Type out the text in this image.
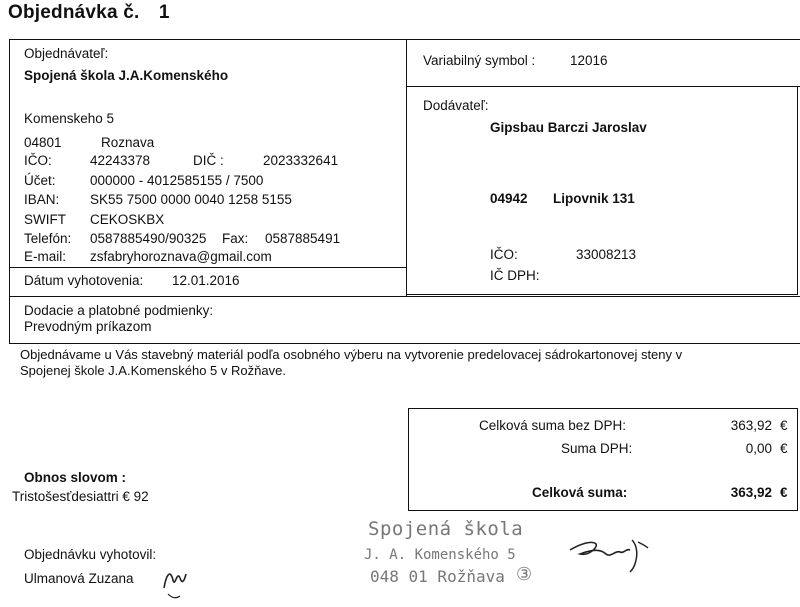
Objednávka č. 1
Objednávateľ:
Spojená škola J.A.Komenského
Komenskeho 5
04801	Roznava
IČO:	42243378	DIČ :	2023332641
Účet:	000000 - 4012585155 / 7500
IBAN: SK55 7500 0000 0040 1258 5155
SWIFT CEKOSKBX
Telefón: 0587885490/90325 Fax: 0587885491
E-mail: zsfabryhoroznava@gmail.com
Dátum vyhotovenia: 12.01.2016
Variabilný symbol :	12016
Dodávateľ:
Gipsbau Barczi Jaroslav
04942 Lipovnik 131
IČO:	33008213
IČ DPH:
Dodacie a platobné podmienky:
Prevodným príkazom
Objednávame u Vás stavebný materiál podľa osobného výberu na vytvorenie predelovacej sádrokartonovej steny v
Spojenej škole J.A.Komenského 5 v Rožňave.
Celková suma bez DPH:	363,92 €
Suma DPH:	0,00 €
Celková suma:	363,92 €
Obnos slovom :
Tristošesťdesiattri € 92
Objednávku vyhotovil:
Ulmanová Zuzana
Spojená škola
J. A. Komenského 5
048 01 Rožňava ③
